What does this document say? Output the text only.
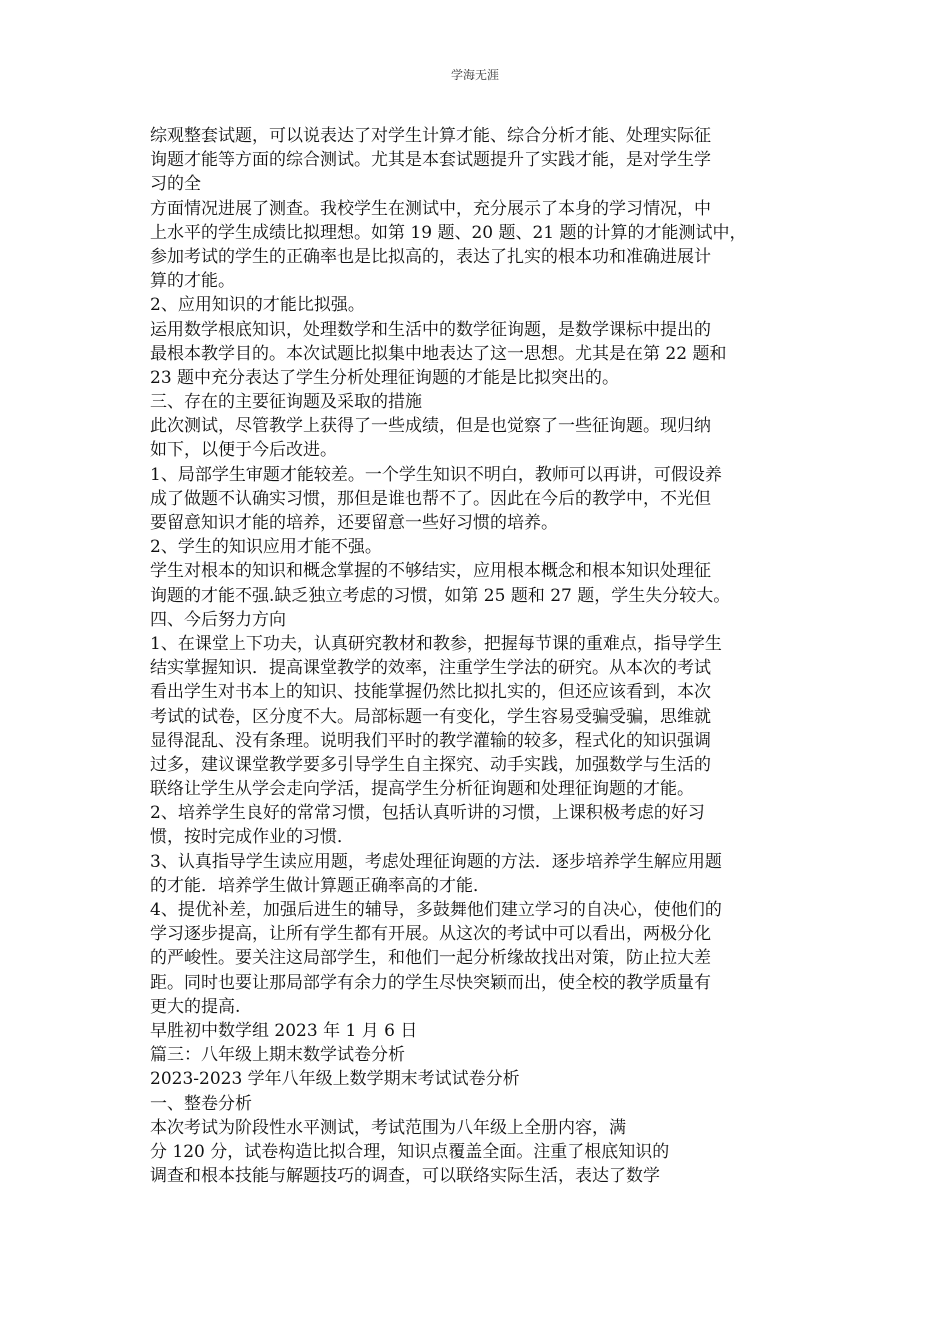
学海无涯
综观整套试题，可以说表达了对学生计算才能、综合分析才能、处理实际征
询题才能等方面的综合测试。尤其是本套试题提升了实践才能，是对学生学
习的全
方面情况进展了测查。我校学生在测试中，充分展示了本身的学习情况，中
上水平的学生成绩比拟理想。如第 19 题、20 题、21 题的计算的才能测试中，
参加考试的学生的正确率也是比拟高的，表达了扎实的根本功和准确进展计
算的才能。
2、应用知识的才能比拟强。
运用数学根底知识，处理数学和生活中的数学征询题，是数学课标中提出的
最根本教学目的。本次试题比拟集中地表达了这一思想。尤其是在第 22 题和
23 题中充分表达了学生分析处理征询题的才能是比拟突出的。
三、存在的主要征询题及采取的措施
此次测试，尽管教学上获得了一些成绩，但是也觉察了一些征询题。现归纳
如下，以便于今后改进。
1、局部学生审题才能较差。一个学生知识不明白，教师可以再讲，可假设养
成了做题不认确实习惯，那但是谁也帮不了。因此在今后的教学中，不光但
要留意知识才能的培养，还要留意一些好习惯的培养。
2、学生的知识应用才能不强。
学生对根本的知识和概念掌握的不够结实，应用根本概念和根本知识处理征
询题的才能不强.缺乏独立考虑的习惯，如第 25 题和 27 题，学生失分较大。
四、今后努力方向
1、在课堂上下功夫，认真研究教材和教参，把握每节课的重难点，指导学生
结实掌握知识．提高课堂教学的效率，注重学生学法的研究。从本次的考试
看出学生对书本上的知识、技能掌握仍然比拟扎实的，但还应该看到，本次
考试的试卷，区分度不大。局部标题一有变化，学生容易受骗受骗，思维就
显得混乱、没有条理。说明我们平时的教学灌输的较多，程式化的知识强调
过多，建议课堂教学要多引导学生自主探究、动手实践，加强数学与生活的
联络让学生从学会走向学活，提高学生分析征询题和处理征询题的才能。
2、培养学生良好的常常习惯，包括认真听讲的习惯，上课积极考虑的好习
惯，按时完成作业的习惯．
3、认真指导学生读应用题，考虑处理征询题的方法．逐步培养学生解应用题
的才能．培养学生做计算题正确率高的才能．
4、提优补差，加强后进生的辅导，多鼓舞他们建立学习的自决心，使他们的
学习逐步提高，让所有学生都有开展。从这次的考试中可以看出，两极分化
的严峻性。要关注这局部学生，和他们一起分析缘故找出对策，防止拉大差
距。同时也要让那局部学有余力的学生尽快突颖而出，使全校的教学质量有
更大的提高.
早胜初中数学组 2023 年 1 月 6 日
篇三：八年级上期末数学试卷分析
2023-2023 学年八年级上数学期末考试试卷分析
一、整卷分析
本次考试为阶段性水平测试，考试范围为八年级上全册内容，满
分 120 分，试卷构造比拟合理，知识点覆盖全面。注重了根底知识的
调查和根本技能与解题技巧的调查，可以联络实际生活，表达了数学
